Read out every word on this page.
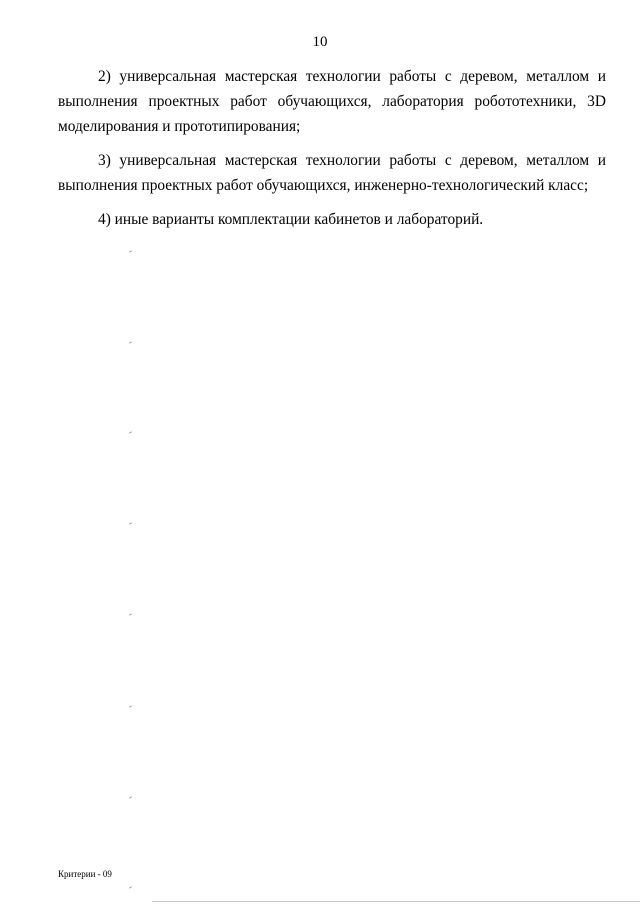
10

2) универсальная мастерская технологии работы с деревом, металлом и выполнения проектных работ обучающихся, лаборатория робототехники, 3D моделирования и прототипирования;

3) универсальная мастерская технологии работы с деревом, металлом и выполнения проектных работ обучающихся, инженерно-технологический класс;

4) иные варианты комплектации кабинетов и лабораторий.

Критерии - 09
